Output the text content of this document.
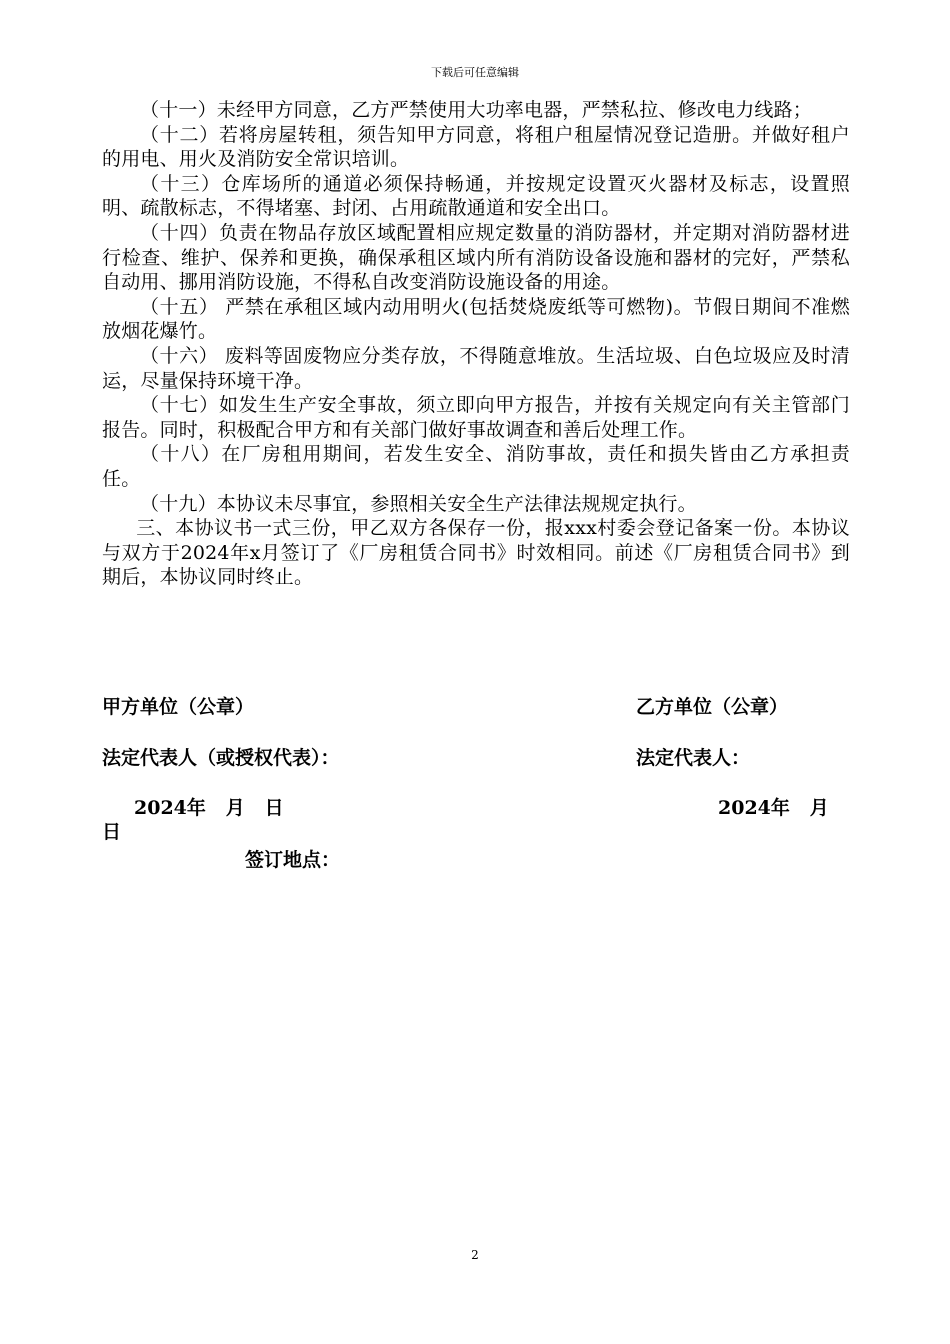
下载后可任意编辑

（十一）未经甲方同意，乙方严禁使用大功率电器，严禁私拉、修改电力线路；

（十二）若将房屋转租，须告知甲方同意，将租户租屋情况登记造册。并做好租户的用电、用火及消防安全常识培训。

（十三）仓库场所的通道必须保持畅通，并按规定设置灭火器材及标志，设置照明、疏散标志，不得堵塞、封闭、占用疏散通道和安全出口。

（十四）负责在物品存放区域配置相应规定数量的消防器材，并定期对消防器材进行检查、维护、保养和更换，确保承租区域内所有消防设备设施和器材的完好，严禁私自动用、挪用消防设施，不得私自改变消防设施设备的用途。

（十五） 严禁在承租区域内动用明火(包括焚烧废纸等可燃物)。节假日期间不准燃放烟花爆竹。

（十六） 废料等固废物应分类存放，不得随意堆放。生活垃圾、白色垃圾应及时清运，尽量保持环境干净。

（十七）如发生生产安全事故，须立即向甲方报告，并按有关规定向有关主管部门报告。同时，积极配合甲方和有关部门做好事故调查和善后处理工作。

（十八）在厂房租用期间，若发生安全、消防事故，责任和损失皆由乙方承担责任。

（十九）本协议未尽事宜，参照相关安全生产法律法规规定执行。

三、本协议书一式三份，甲乙双方各保存一份，报xxx村委会登记备案一份。本协议与双方于2024年x月签订了《厂房租赁合同书》时效相同。前述《厂房租赁合同书》到期后，本协议同时终止。

甲方单位（公章）	乙方单位（公章）
法定代表人（或授权代表）：	法定代表人：
2024年   月   日	2024年   月
日
签订地点：
2
